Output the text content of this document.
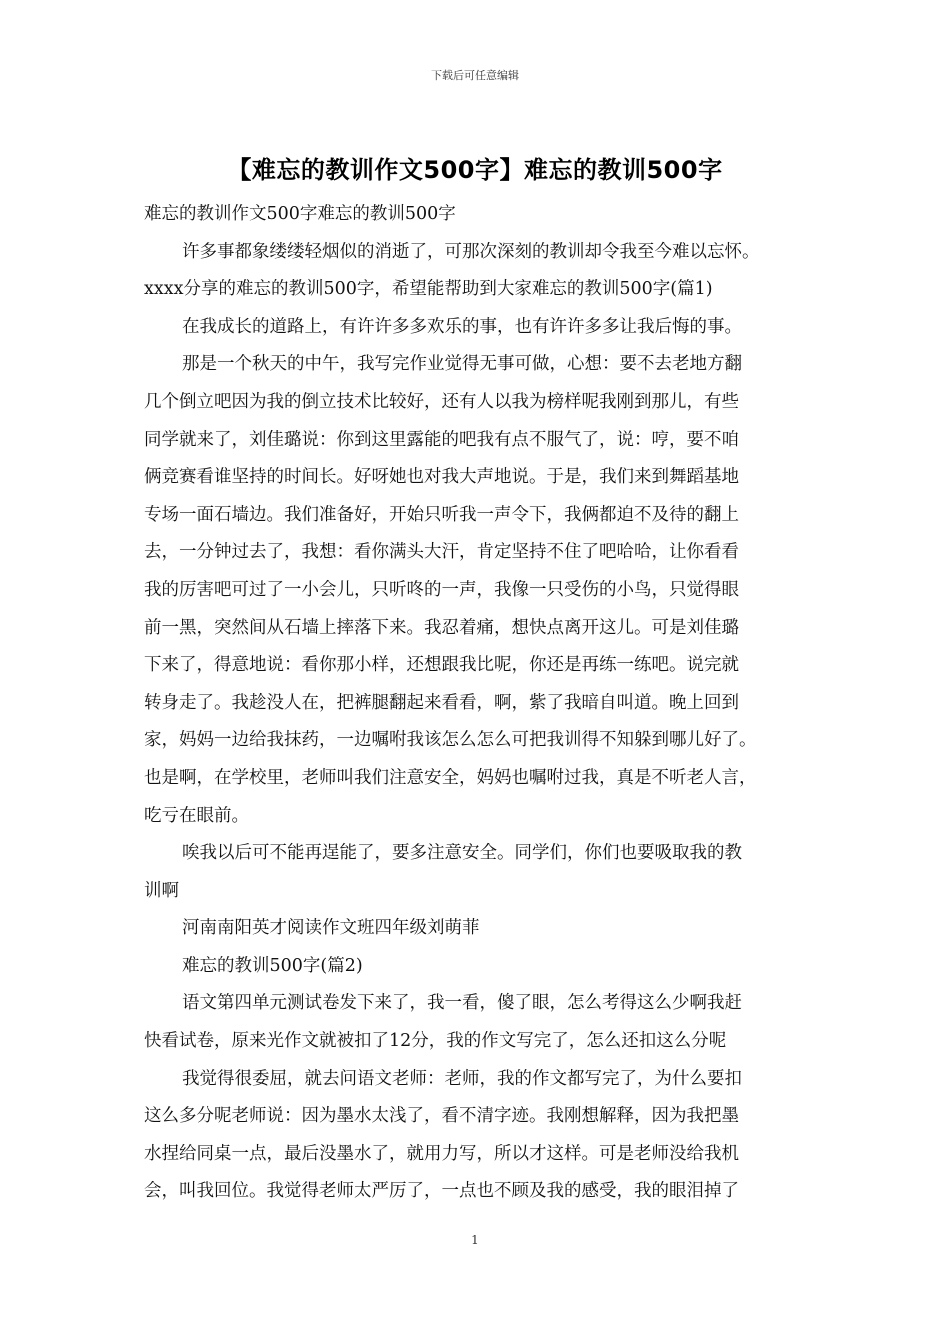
下载后可任意编辑
【难忘的教训作文500字】难忘的教训500字
难忘的教训作文500字难忘的教训500字
许多事都象缕缕轻烟似的消逝了，可那次深刻的教训却令我至今难以忘怀。
xxxx分享的难忘的教训500字，希望能帮助到大家难忘的教训500字(篇1)
在我成长的道路上，有许许多多欢乐的事，也有许许多多让我后悔的事。
那是一个秋天的中午，我写完作业觉得无事可做，心想：要不去老地方翻
几个倒立吧因为我的倒立技术比较好，还有人以我为榜样呢我刚到那儿，有些
同学就来了，刘佳璐说：你到这里露能的吧我有点不服气了，说：哼，要不咱
俩竞赛看谁坚持的时间长。好呀她也对我大声地说。于是，我们来到舞蹈基地
专场一面石墙边。我们准备好，开始只听我一声令下，我俩都迫不及待的翻上
去，一分钟过去了，我想：看你满头大汗，肯定坚持不住了吧哈哈，让你看看
我的厉害吧可过了一小会儿，只听咚的一声，我像一只受伤的小鸟，只觉得眼
前一黑，突然间从石墙上摔落下来。我忍着痛，想快点离开这儿。可是刘佳璐
下来了，得意地说：看你那小样，还想跟我比呢，你还是再练一练吧。说完就
转身走了。我趁没人在，把裤腿翻起来看看，啊，紫了我暗自叫道。晚上回到
家，妈妈一边给我抹药，一边嘱咐我该怎么怎么可把我训得不知躲到哪儿好了。
也是啊，在学校里，老师叫我们注意安全，妈妈也嘱咐过我，真是不听老人言，
吃亏在眼前。
唉我以后可不能再逞能了，要多注意安全。同学们，你们也要吸取我的教
训啊
河南南阳英才阅读作文班四年级刘萌菲
难忘的教训500字(篇2)
语文第四单元测试卷发下来了，我一看，傻了眼，怎么考得这么少啊我赶
快看试卷，原来光作文就被扣了12分，我的作文写完了，怎么还扣这么分呢
我觉得很委屈，就去问语文老师：老师，我的作文都写完了，为什么要扣
这么多分呢老师说：因为墨水太浅了，看不清字迹。我刚想解释，因为我把墨
水捏给同桌一点，最后没墨水了，就用力写，所以才这样。可是老师没给我机
会，叫我回位。我觉得老师太严厉了，一点也不顾及我的感受，我的眼泪掉了
1
